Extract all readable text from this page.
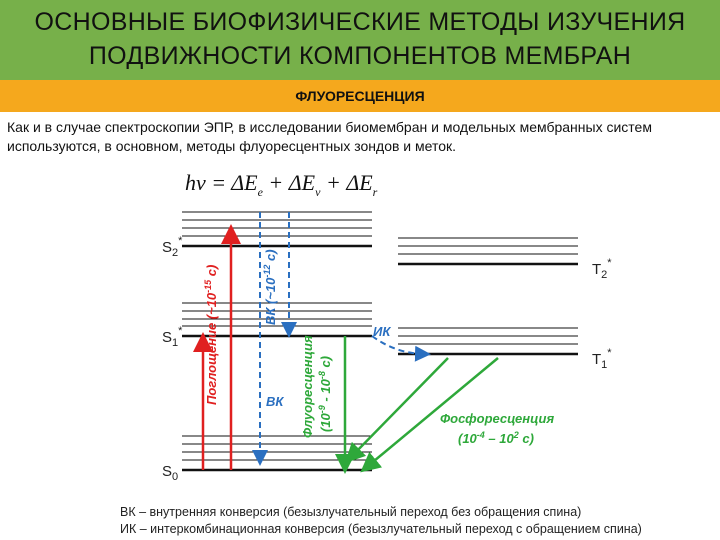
ОСНОВНЫЕ БИОФИЗИЧЕСКИЕ МЕТОДЫ ИЗУЧЕНИЯ
ПОДВИЖНОСТИ КОМПОНЕНТОВ МЕМБРАН
ФЛУОРЕСЦЕНЦИЯ
Как и в случае спектроскопии ЭПР, в исследовании биомембран и модельных мембранных систем используются, в основном, методы флуоресцентных зондов и меток.
$h\nu = \Delta E_e + \Delta E_v + \Delta E_r$
$S_2^*$
$S_1^*$
$S_0$
$T_2^*$
$T_1^*$
Поглощение ($\sim 10^{-15}$ с)
ВК ($\sim 10^{-12}$ с)
Флуоресценция ($10^{-9} - 10^{-8}$ с)
ИК
ВК
Фосфоресценция
($10^{-4} - 10^2$ с)
ВК – внутренняя конверсия (безызлучательный переход без обращения спина)
ИК – интеркомбинационная конверсия (безызлучательный переход с обращением спина)
